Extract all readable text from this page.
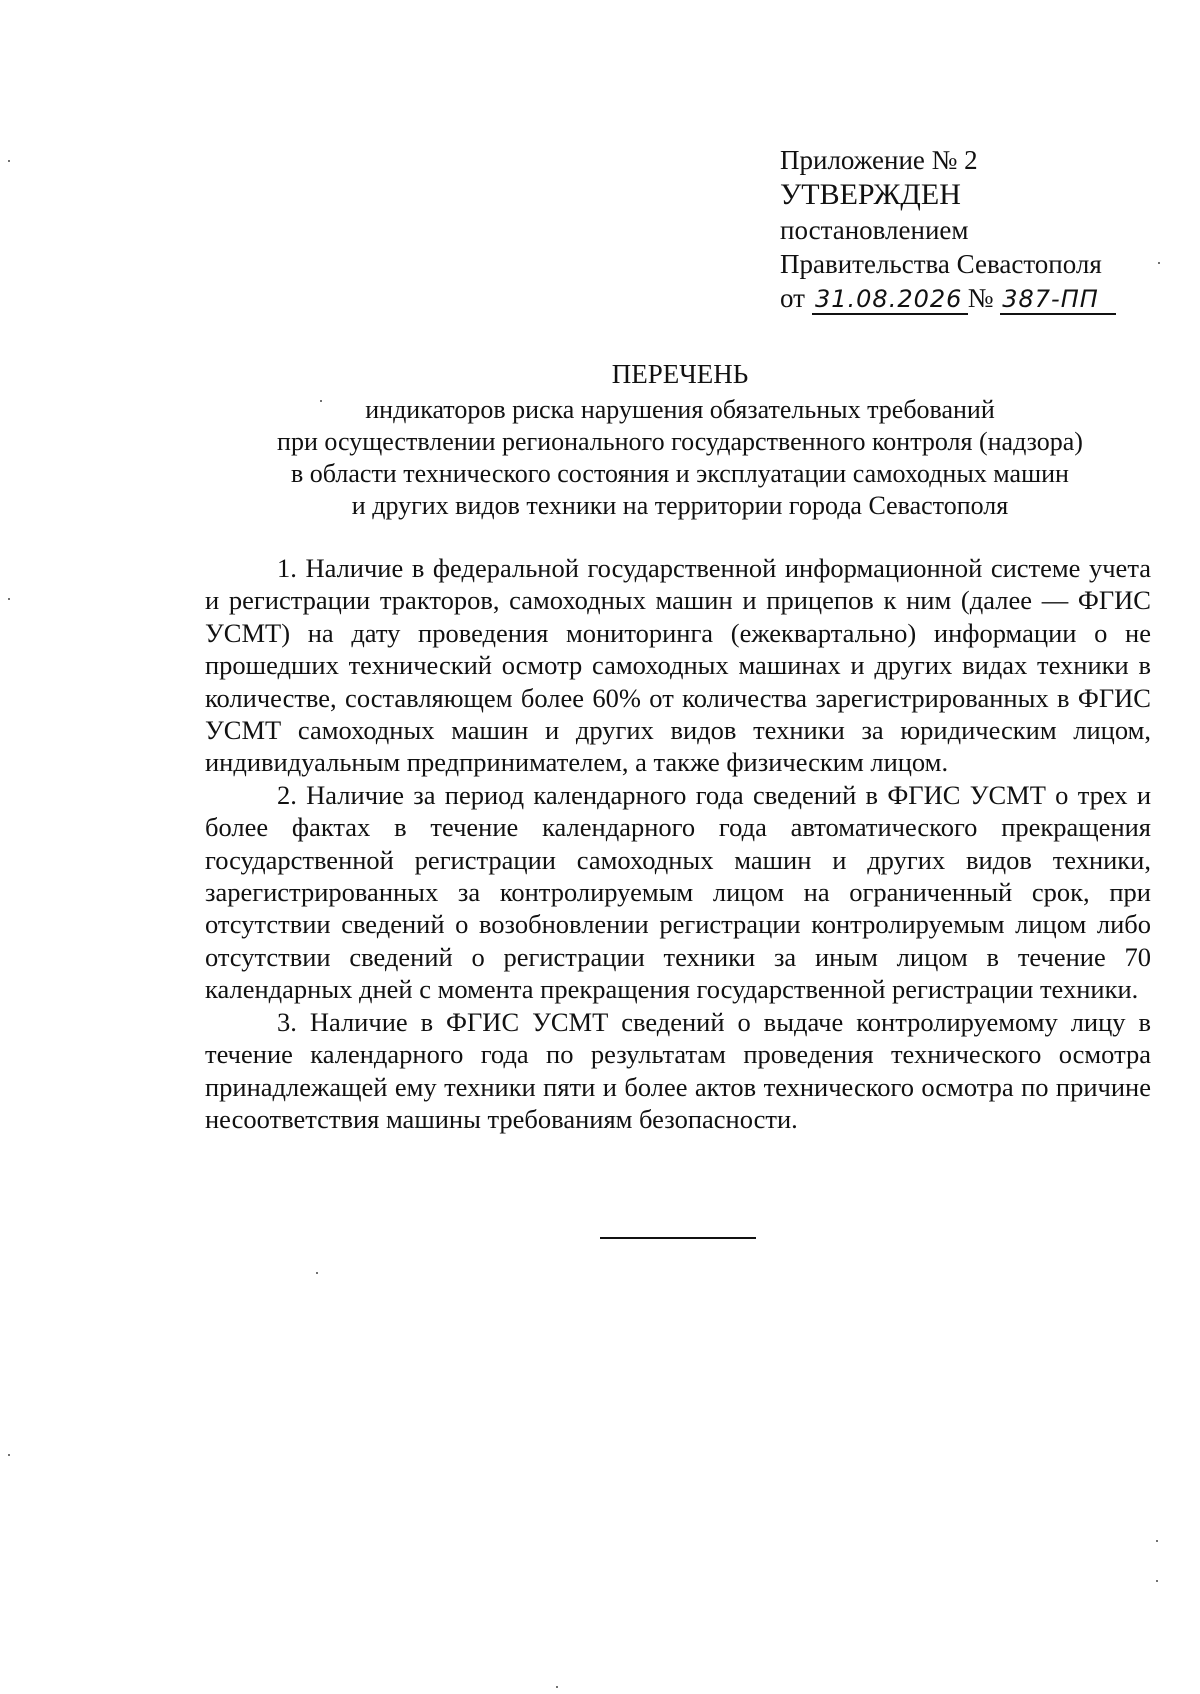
Приложение № 2
УТВЕРЖДЕН
постановлением
Правительства Севастополя
от 31.08.2026 № 387-ПП
ПЕРЕЧЕНЬ
индикаторов риска нарушения обязательных требований
при осуществлении регионального государственного контроля (надзора)
в области технического состояния и эксплуатации самоходных машин
и других видов техники на территории города Севастополя

1. Наличие в федеральной государственной информационной системе учета и регистрации тракторов, самоходных машин и прицепов к ним (далее — ФГИС УСМТ) на дату проведения мониторинга (ежеквартально) информации о не прошедших технический осмотр самоходных машинах и других видах техники в количестве, составляющем более 60% от количества зарегистрированных в ФГИС УСМТ самоходных машин и других видов техники за юридическим лицом, индивидуальным предпринимателем, а также физическим лицом.

2. Наличие за период календарного года сведений в ФГИС УСМТ о трех и более фактах в течение календарного года автоматического прекращения государственной регистрации самоходных машин и других видов техники, зарегистрированных за контролируемым лицом на ограниченный срок, при отсутствии сведений о возобновлении регистрации контролируемым лицом либо отсутствии сведений о регистрации техники за иным лицом в течение 70 календарных дней с момента прекращения государственной регистрации техники.

3. Наличие в ФГИС УСМТ сведений о выдаче контролируемому лицу в течение календарного года по результатам проведения технического осмотра принадлежащей ему техники пяти и более актов технического осмотра по причине несоответствия машины требованиям безопасности.
